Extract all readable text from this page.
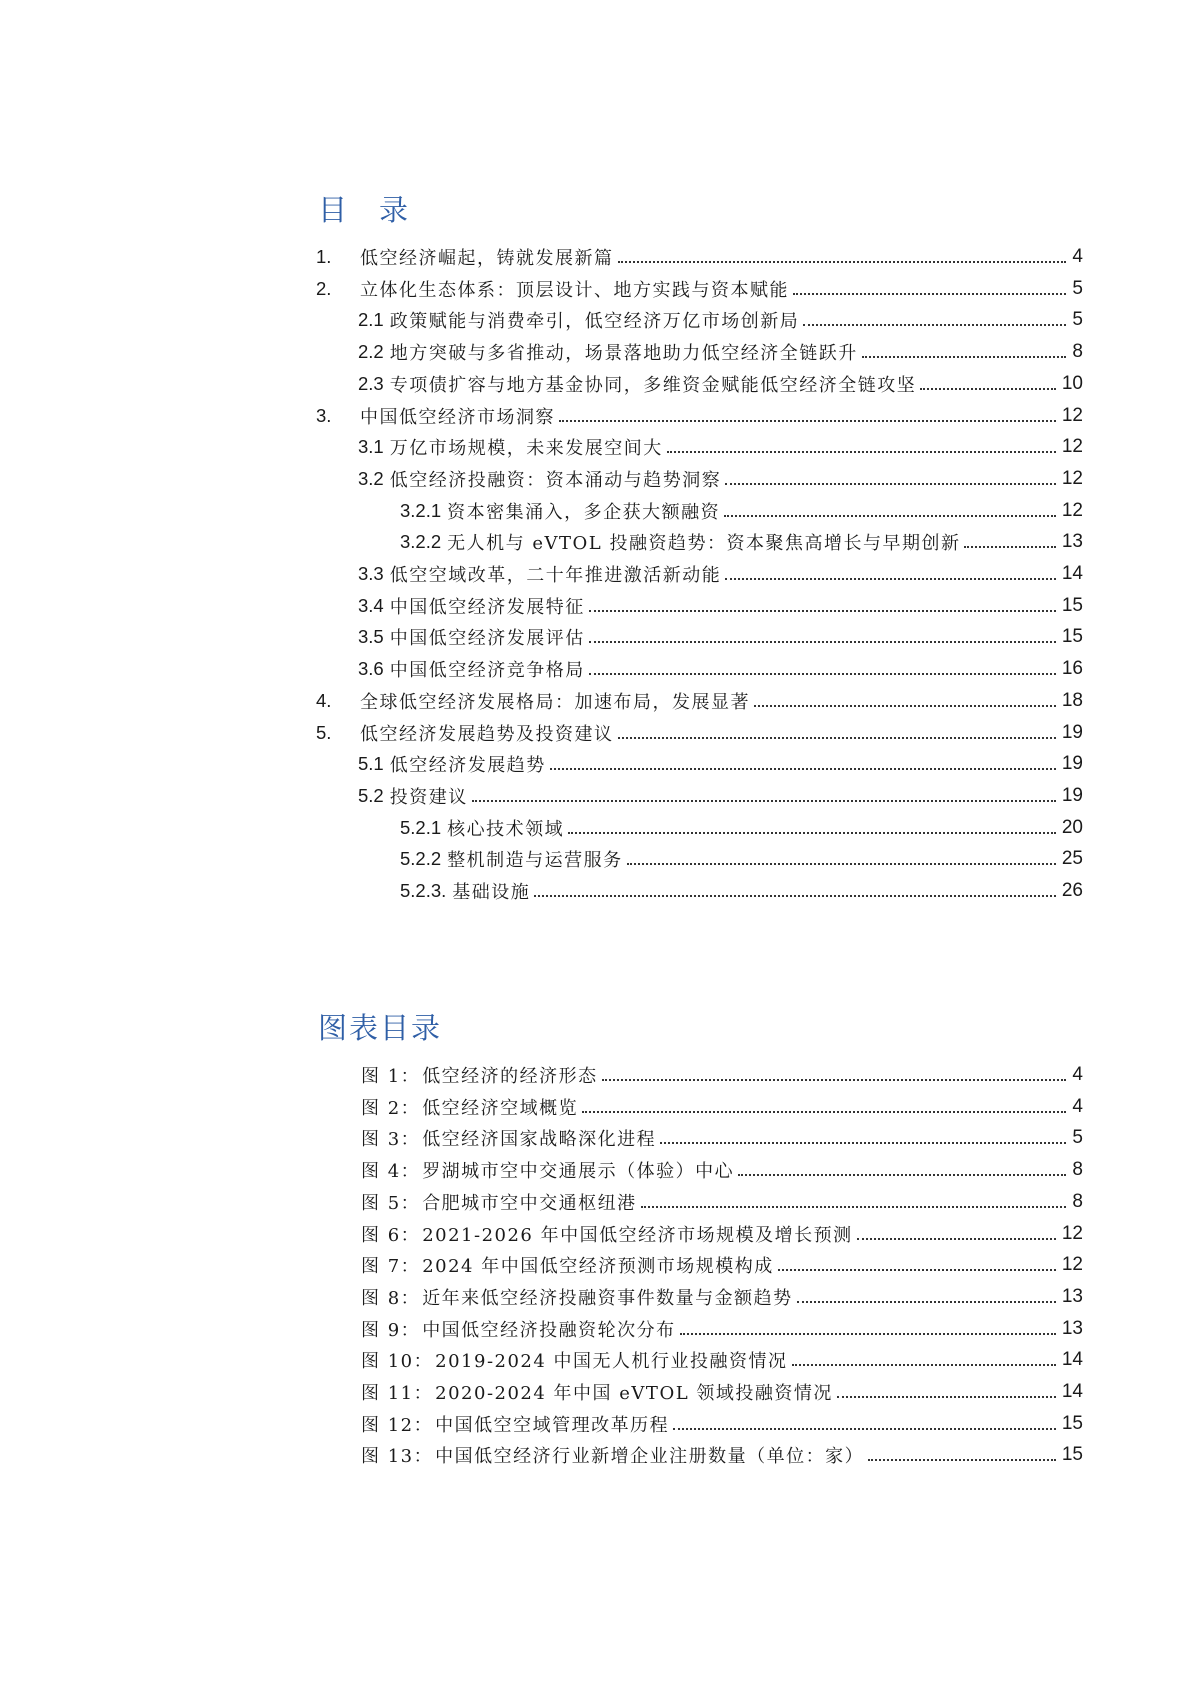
目 录
1.	低空经济崛起，铸就发展新篇	4
2.	立体化生态体系：顶层设计、地方实践与资本赋能	5
2.1 政策赋能与消费牵引，低空经济万亿市场创新局	5
2.2 地方突破与多省推动，场景落地助力低空经济全链跃升	8
2.3 专项债扩容与地方基金协同，多维资金赋能低空经济全链攻坚	10
3.	中国低空经济市场洞察	12
3.1 万亿市场规模，未来发展空间大	12
3.2 低空经济投融资：资本涌动与趋势洞察	12
3.2.1 资本密集涌入，多企获大额融资	12
3.2.2 无人机与 eVTOL 投融资趋势：资本聚焦高增长与早期创新	13
3.3 低空空域改革，二十年推进激活新动能	14
3.4 中国低空经济发展特征	15
3.5 中国低空经济发展评估	15
3.6 中国低空经济竞争格局	16
4.	全球低空经济发展格局：加速布局，发展显著	18
5.	低空经济发展趋势及投资建议	19
5.1 低空经济发展趋势	19
5.2 投资建议	19
5.2.1 核心技术领域	20
5.2.2 整机制造与运营服务	25
5.2.3. 基础设施	26
图表目录
图 1： 低空经济的经济形态	4
图 2： 低空经济空域概览	4
图 3： 低空经济国家战略深化进程	5
图 4： 罗湖城市空中交通展示（体验）中心	8
图 5： 合肥城市空中交通枢纽港	8
图 6： 2021-2026 年中国低空经济市场规模及增长预测	12
图 7： 2024 年中国低空经济预测市场规模构成	12
图 8： 近年来低空经济投融资事件数量与金额趋势	13
图 9： 中国低空经济投融资轮次分布	13
图 10： 2019-2024 中国无人机行业投融资情况	14
图 11： 2020-2024 年中国 eVTOL 领域投融资情况	14
图 12： 中国低空空域管理改革历程	15
图 13： 中国低空经济行业新增企业注册数量（单位：家）	15
